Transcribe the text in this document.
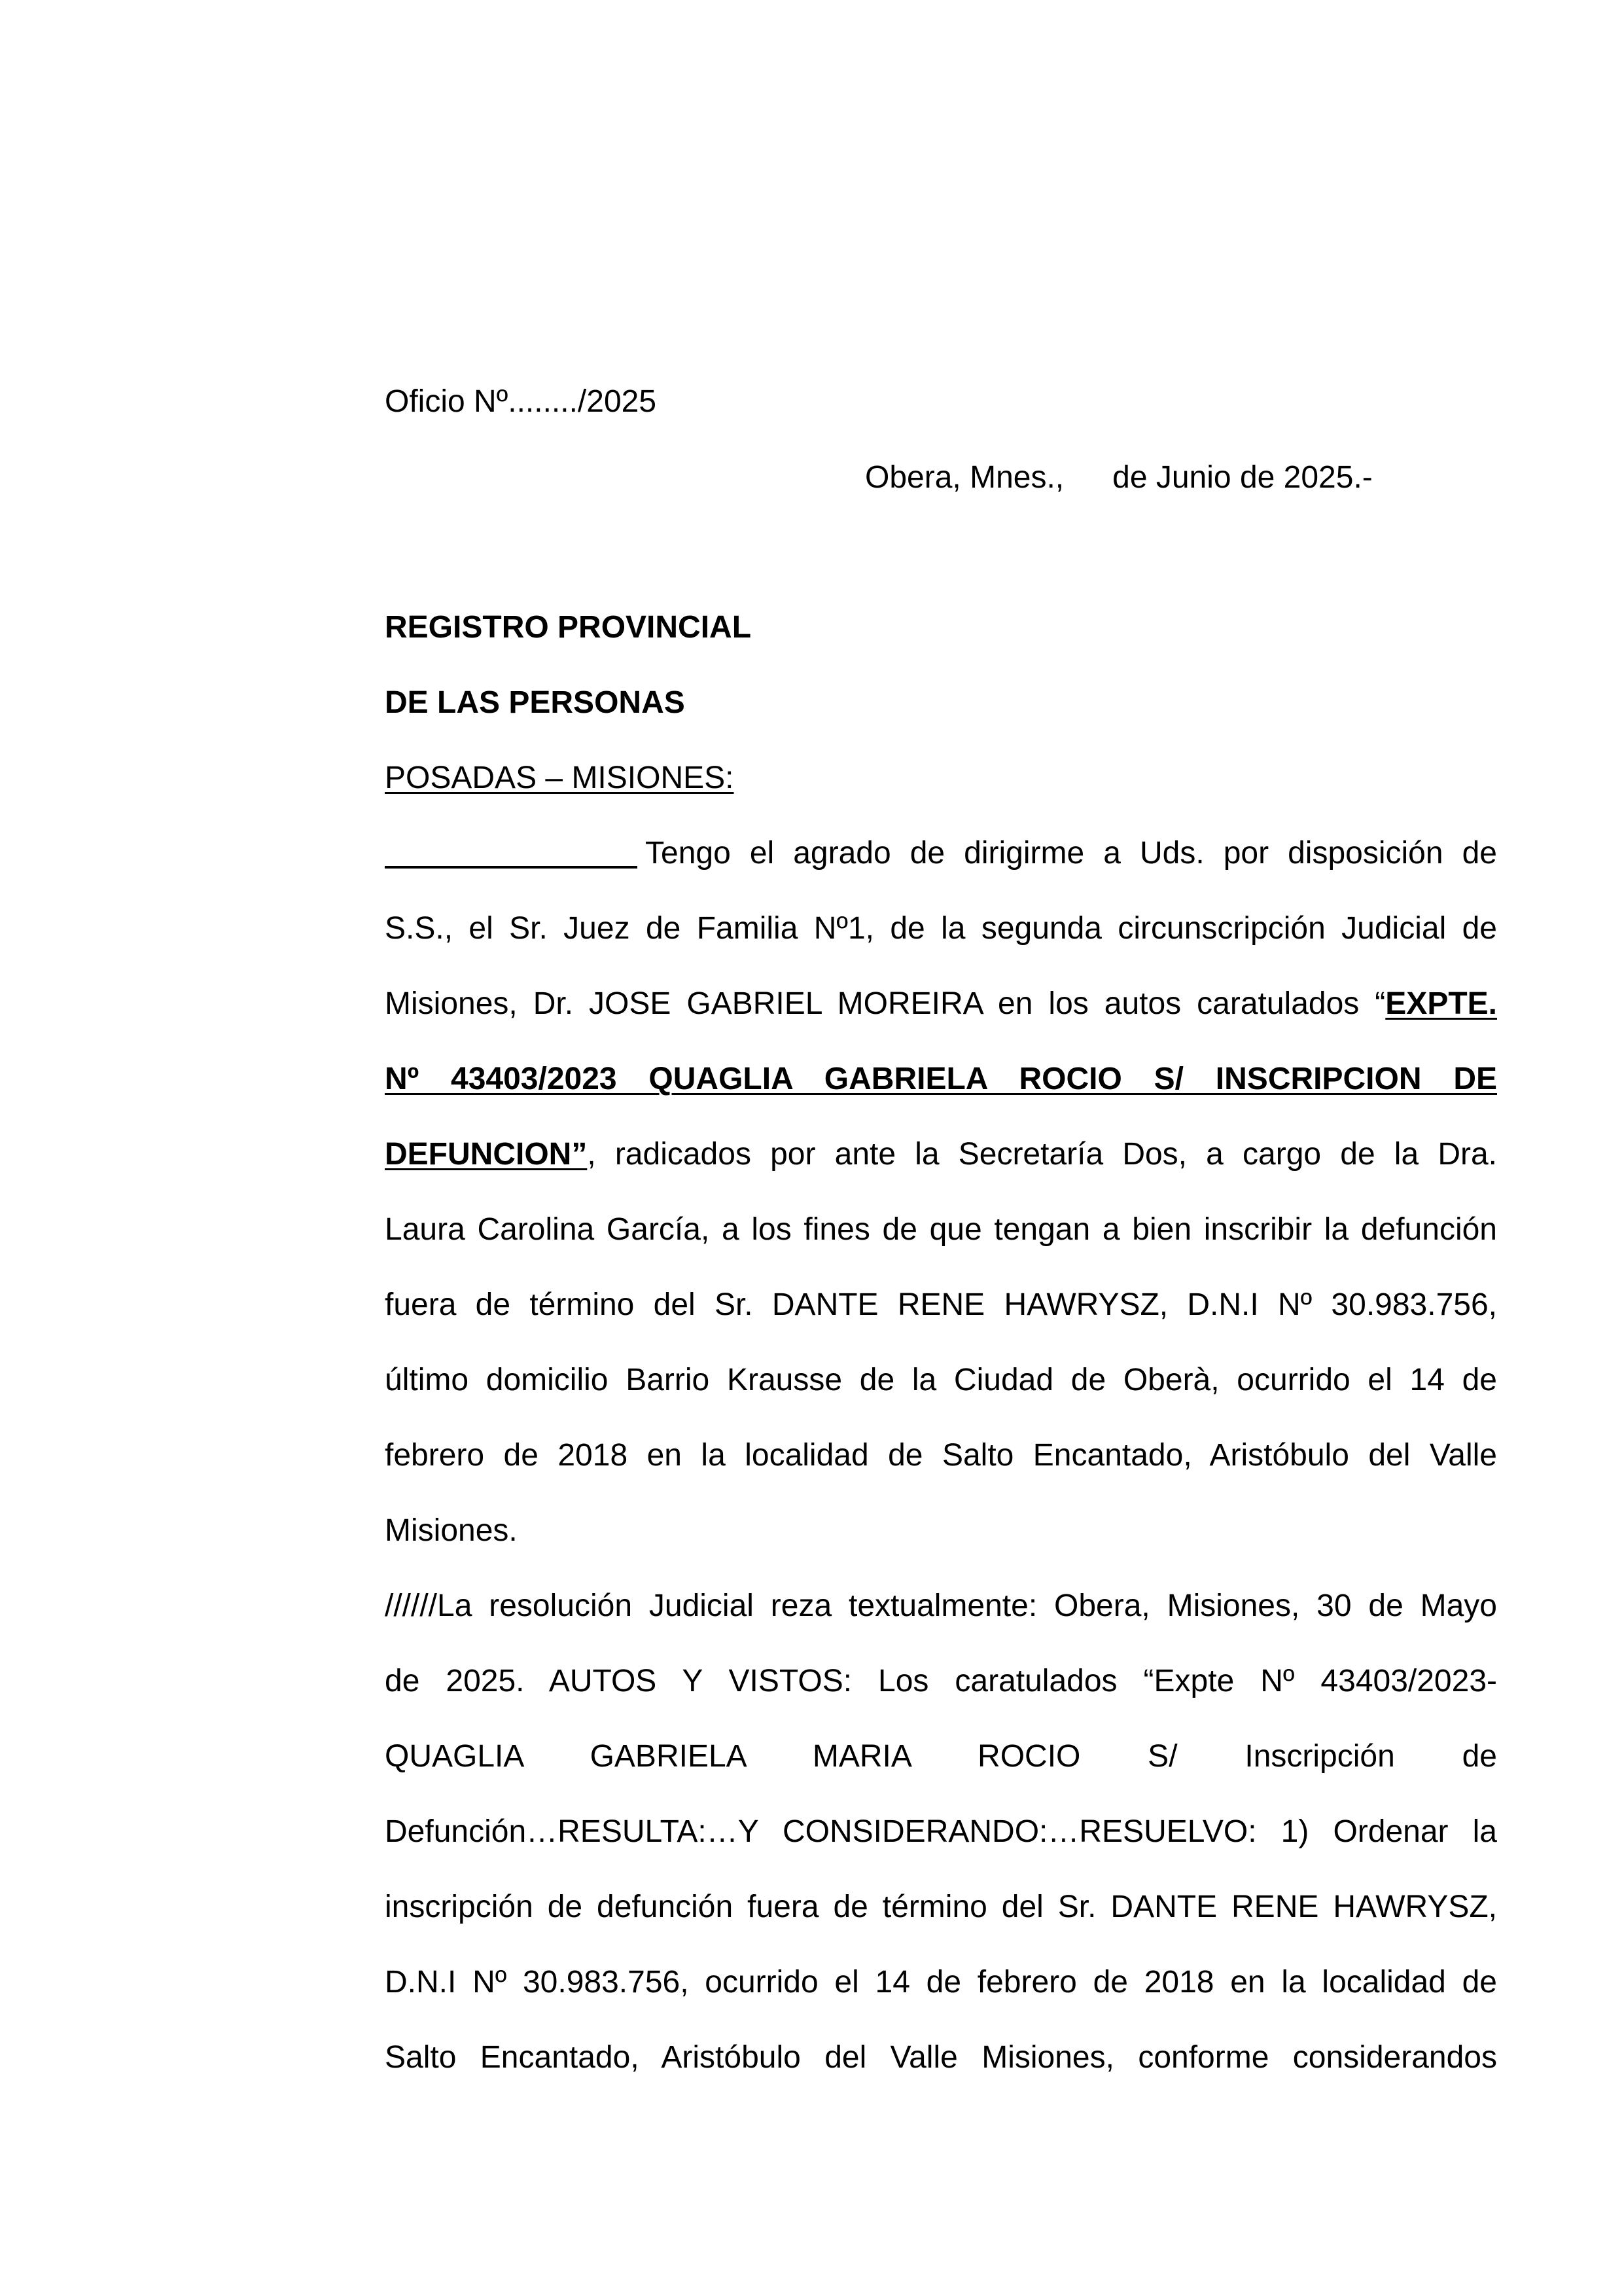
Oficio Nº......../2025
Obera, Mnes., de Junio de 2025.-
REGISTRO PROVINCIAL
DE LAS PERSONAS
POSADAS – MISIONES:
Tengo el agrado de dirigirme a Uds. por disposición de
S.S., el Sr. Juez de Familia Nº1, de la segunda circunscripción Judicial de
Misiones, Dr. JOSE GABRIEL MOREIRA en los autos caratulados “EXPTE.
Nº 43403/2023 QUAGLIA GABRIELA ROCIO S/ INSCRIPCION DE
DEFUNCION”, radicados por ante la Secretaría Dos, a cargo de la Dra.
Laura Carolina García, a los fines de que tengan a bien inscribir la defunción
fuera de término del Sr. DANTE RENE HAWRYSZ, D.N.I Nº 30.983.756,
último domicilio Barrio Krausse de la Ciudad de Oberà, ocurrido el 14 de
febrero de 2018 en la localidad de Salto Encantado, Aristóbulo del Valle
Misiones.
//////La resolución Judicial reza textualmente: Obera, Misiones, 30 de Mayo
de 2025. AUTOS Y VISTOS: Los caratulados “Expte Nº 43403/2023-
QUAGLIA GABRIELA MARIA ROCIO S/ Inscripción de
Defunción…RESULTA:…Y CONSIDERANDO:…RESUELVO: 1) Ordenar la
inscripción de defunción fuera de término del Sr. DANTE RENE HAWRYSZ,
D.N.I Nº 30.983.756, ocurrido el 14 de febrero de 2018 en la localidad de
Salto Encantado, Aristóbulo del Valle Misiones, conforme considerandos
